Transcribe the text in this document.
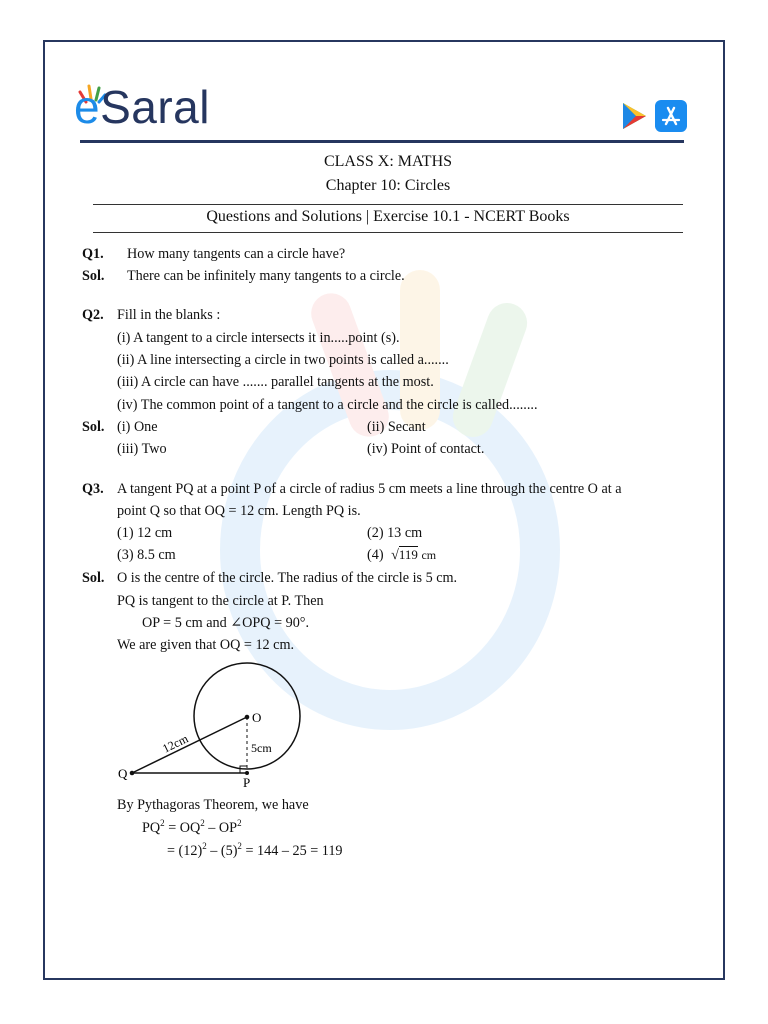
eSaral
CLASS X: MATHS
Chapter 10: Circles
Questions and Solutions | Exercise 10.1 - NCERT Books
Q1. How many tangents can a circle have?
Sol. There can be infinitely many tangents to a circle.
Q2. Fill in the blanks :
(i) A tangent to a circle intersects it in.....point (s).
(ii) A line intersecting a circle in two points is called a.......
(iii) A circle can have ....... parallel tangents at the most.
(iv) The common point of a tangent to a circle and the circle is called........
Sol. (i) One	(ii) Secant
(iii) Two	(iv) Point of contact.
Q3. A tangent PQ at a point P of a circle of radius 5 cm meets a line through the centre O at a
point Q so that OQ = 12 cm. Length PQ is.
(1) 12 cm	(2) 13 cm
(3) 8.5 cm	(4) √119 cm
Sol. O is the centre of the circle. The radius of the circle is 5 cm.
PQ is tangent to the circle at P. Then
OP = 5 cm and ∠OPQ = 90°.
We are given that OQ = 12 cm.
O
P
Q
12cm	5cm
By Pythagoras Theorem, we have
$PQ^2 = OQ^2 - OP^2$
= $(12)^2 - (5)^2 = 144 - 25 = 119$
